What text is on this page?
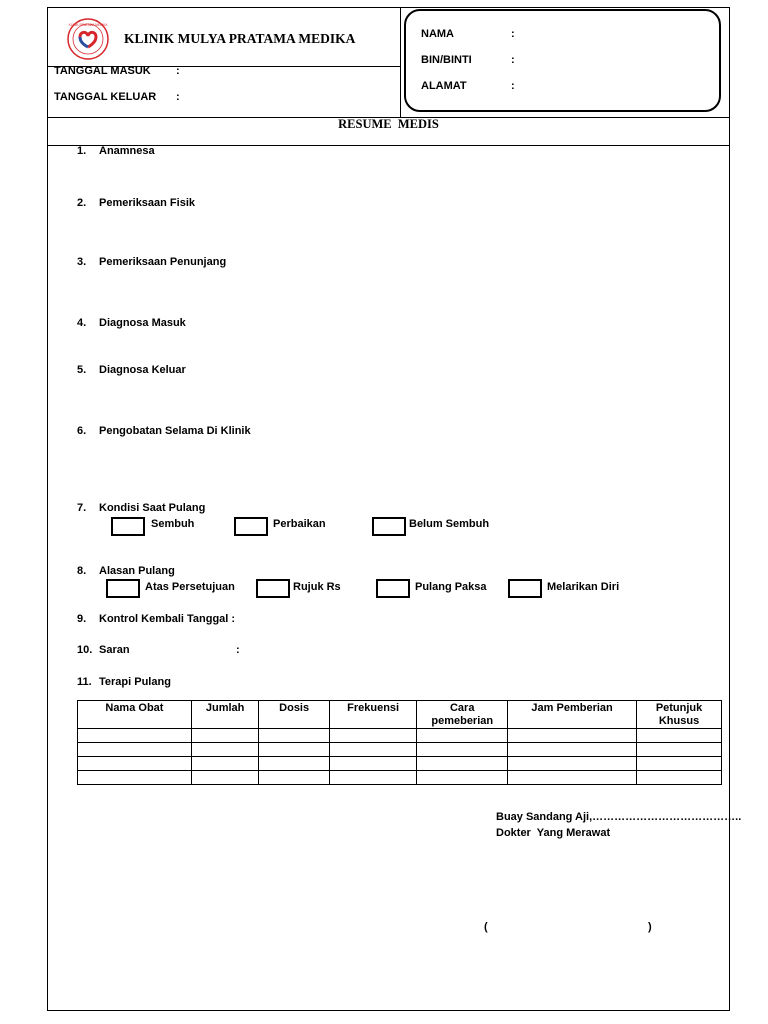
KLINIK PRATAMA MEDIKA
KLINIK MULYA PRATAMA MEDIKA
TANGGAL MASUK :
TANGGAL KELUAR :
NAMA	:
BIN/BINTI	:
ALAMAT	:
RESUME  MEDIS
1. Anamnesa
2. Pemeriksaan Fisik
3. Pemeriksaan Penunjang
4. Diagnosa Masuk
5. Diagnosa Keluar
6. Pengobatan Selama Di Klinik
7. Kondisi Saat Pulang
Sembuh	Perbaikan	Belum Sembuh
8. Alasan Pulang
Atas Persetujuan	Rujuk Rs	Pulang Paksa	Melarikan Diri
9. Kontrol Kembali Tanggal :
10. Saran	:
11. Terapi Pulang
Nama Obat	Jumlah	Dosis	Frekuensi	Cara pemeberian	Jam Pemberian	Petunjuk Khusus

Buay Sandang Aji,…………………………………..
Dokter  Yang Merawat
(	)
